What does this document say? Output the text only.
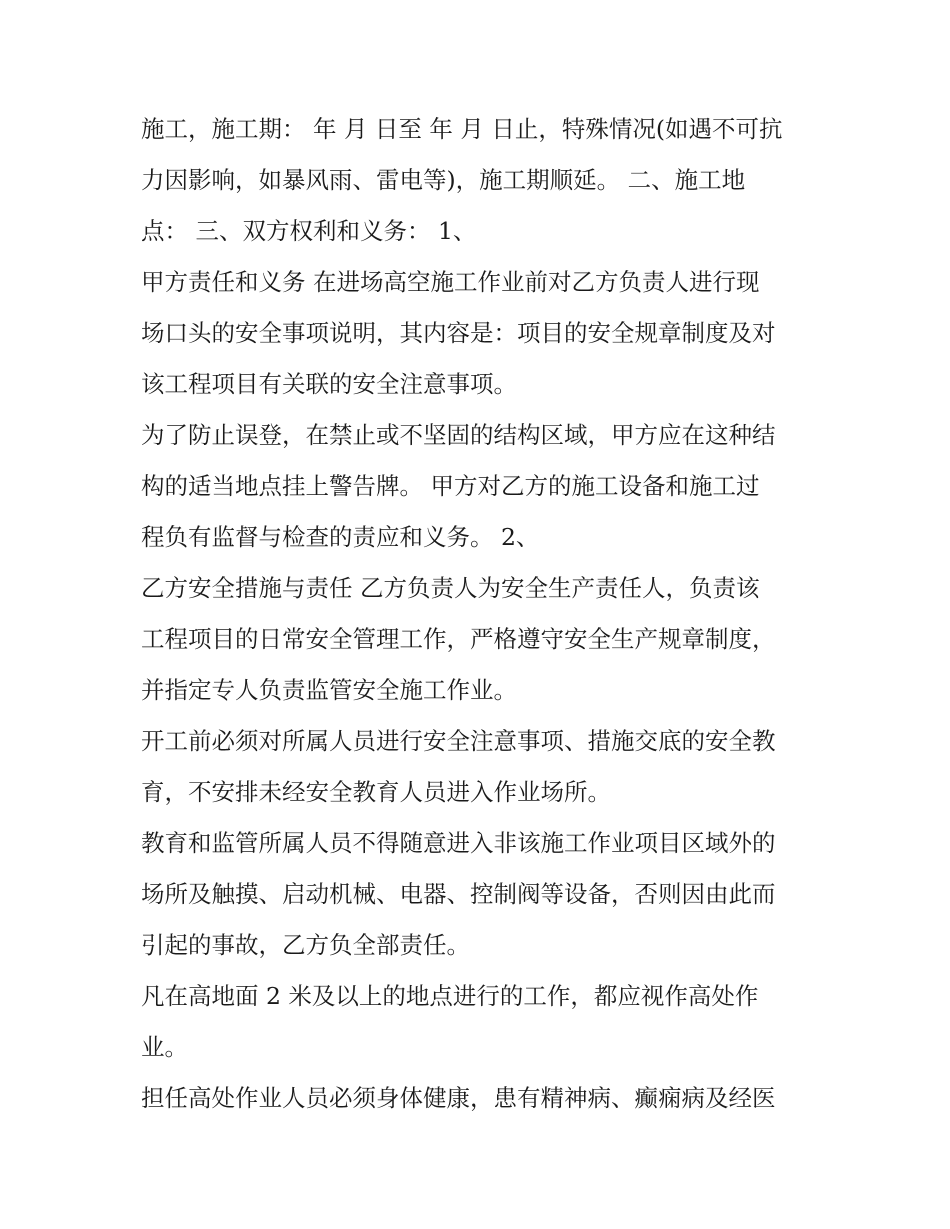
施工，施工期： 年 月 日至 年 月 日止，特殊情况(如遇不可抗
力因影响，如暴风雨、雷电等)，施工期顺延。 二、施工地
点： 三、双方权利和义务： 1、
甲方责任和义务 在进场高空施工作业前对乙方负责人进行现
场口头的安全事项说明，其内容是：项目的安全规章制度及对
该工程项目有关联的安全注意事项。
为了防止误登，在禁止或不坚固的结构区域，甲方应在这种结
构的适当地点挂上警告牌。 甲方对乙方的施工设备和施工过
程负有监督与检查的责应和义务。 2、
乙方安全措施与责任 乙方负责人为安全生产责任人，负责该
工程项目的日常安全管理工作，严格遵守安全生产规章制度，
并指定专人负责监管安全施工作业。
开工前必须对所属人员进行安全注意事项、措施交底的安全教
育，不安排未经安全教育人员进入作业场所。
教育和监管所属人员不得随意进入非该施工作业项目区域外的
场所及触摸、启动机械、电器、控制阀等设备，否则因由此而
引起的事故，乙方负全部责任。
凡在高地面 2 米及以上的地点进行的工作，都应视作高处作
业。
担任高处作业人员必须身体健康，患有精神病、癫痫病及经医
